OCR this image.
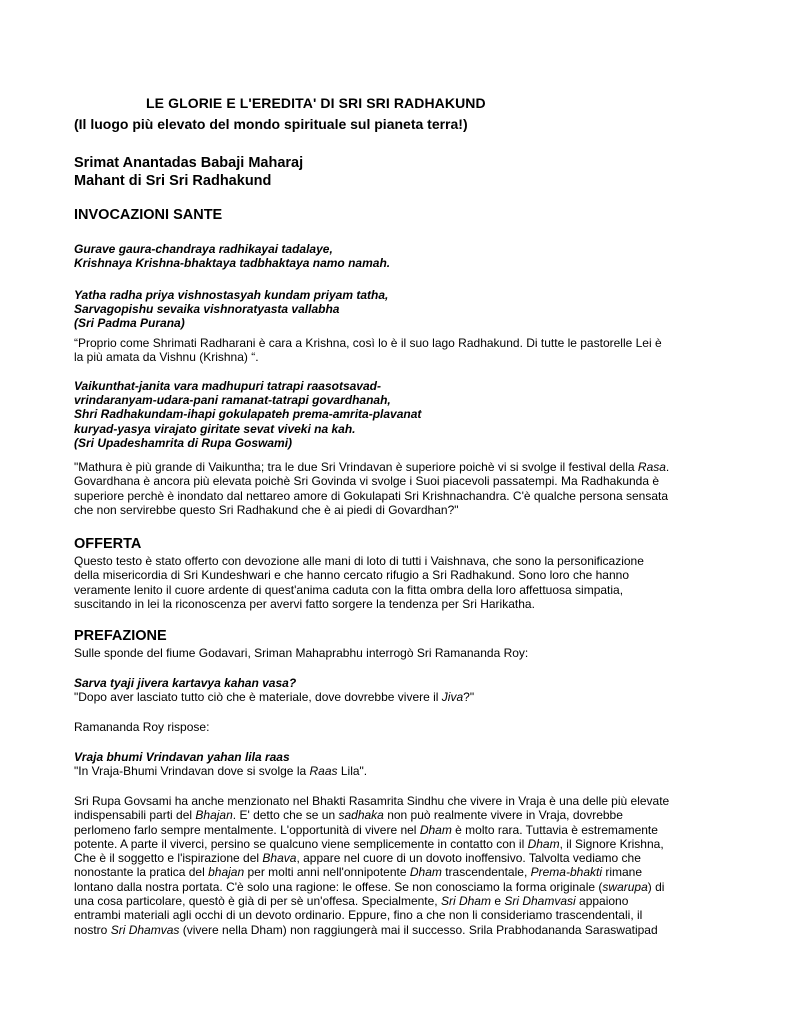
LE GLORIE E L'EREDITA' DI SRI SRI RADHAKUND
(Il luogo più elevato del mondo spirituale sul pianeta terra!)
Srimat Anantadas Babaji Maharaj
Mahant di Sri Sri Radhakund
INVOCAZIONI SANTE
Gurave gaura-chandraya radhikayai tadalaye,
Krishnaya Krishna-bhaktaya tadbhaktaya namo namah.
Yatha radha priya vishnostasyah kundam priyam tatha,
Sarvagopishu sevaika vishnoratyasta vallabha
(Sri Padma Purana)
“Proprio come Shrimati Radharani è cara a Krishna, così lo è il suo lago Radhakund. Di tutte le pastorelle Lei è
la più amata da Vishnu (Krishna) “.
Vaikunthat-janita vara madhupuri tatrapi raasotsavad-
vrindaranyam-udara-pani ramanat-tatrapi govardhanah,
Shri Radhakundam-ihapi gokulapateh prema-amrita-plavanat
kuryad-yasya virajato giritate sevat viveki na kah.
(Sri Upadeshamrita di Rupa Goswami)
"Mathura è più grande di Vaikuntha; tra le due Sri Vrindavan è superiore poichè vi si svolge il festival della Rasa.
Govardhana è ancora più elevata poichè Sri Govinda vi svolge i Suoi piacevoli passatempi. Ma Radhakunda è
superiore perchè è inondato dal nettareo amore di Gokulapati Sri Krishnachandra. C'è qualche persona sensata
che non servirebbe questo Sri Radhakund che è ai piedi di Govardhan?"
OFFERTA
Questo testo è stato offerto con devozione alle mani di loto di tutti i Vaishnava, che sono la personificazione
della misericordia di Sri Kundeshwari e che hanno cercato rifugio a Sri Radhakund. Sono loro che hanno
veramente lenito il cuore ardente di quest'anima caduta con la fitta ombra della loro affettuosa simpatia,
suscitando in lei la riconoscenza per avervi fatto sorgere la tendenza per Sri Harikatha.
PREFAZIONE
Sulle sponde del fiume Godavari, Sriman Mahaprabhu interrogò Sri Ramananda Roy:
Sarva tyaji jivera kartavya kahan vasa?
"Dopo aver lasciato tutto ciò che è materiale, dove dovrebbe vivere il Jiva?"
Ramananda Roy rispose:
Vraja bhumi Vrindavan yahan lila raas
"In Vraja-Bhumi Vrindavan dove si svolge la Raas Lila".
Sri Rupa Govsami ha anche menzionato nel Bhakti Rasamrita Sindhu che vivere in Vraja è una delle più elevate
indispensabili parti del Bhajan. E' detto che se un sadhaka non può realmente vivere in Vraja, dovrebbe
perlomeno farlo sempre mentalmente. L'opportunità di vivere nel Dham è molto rara. Tuttavia è estremamente
potente. A parte il viverci, persino se qualcuno viene semplicemente in contatto con il Dham, il Signore Krishna,
Che è il soggetto e l'ispirazione del Bhava, appare nel cuore di un dovoto inoffensivo. Talvolta vediamo che
nonostante la pratica del bhajan per molti anni nell'onnipotente Dham trascendentale, Prema-bhakti rimane
lontano dalla nostra portata. C'è solo una ragione: le offese. Se non conosciamo la forma originale (swarupa) di
una cosa particolare, questò è già di per sè un'offesa. Specialmente, Sri Dham e Sri Dhamvasi appaiono
entrambi materiali agli occhi di un devoto ordinario. Eppure, fino a che non li consideriamo trascendentali, il
nostro Sri Dhamvas (vivere nella Dham) non raggiungerà mai il successo. Srila Prabhodananda Saraswatipad
